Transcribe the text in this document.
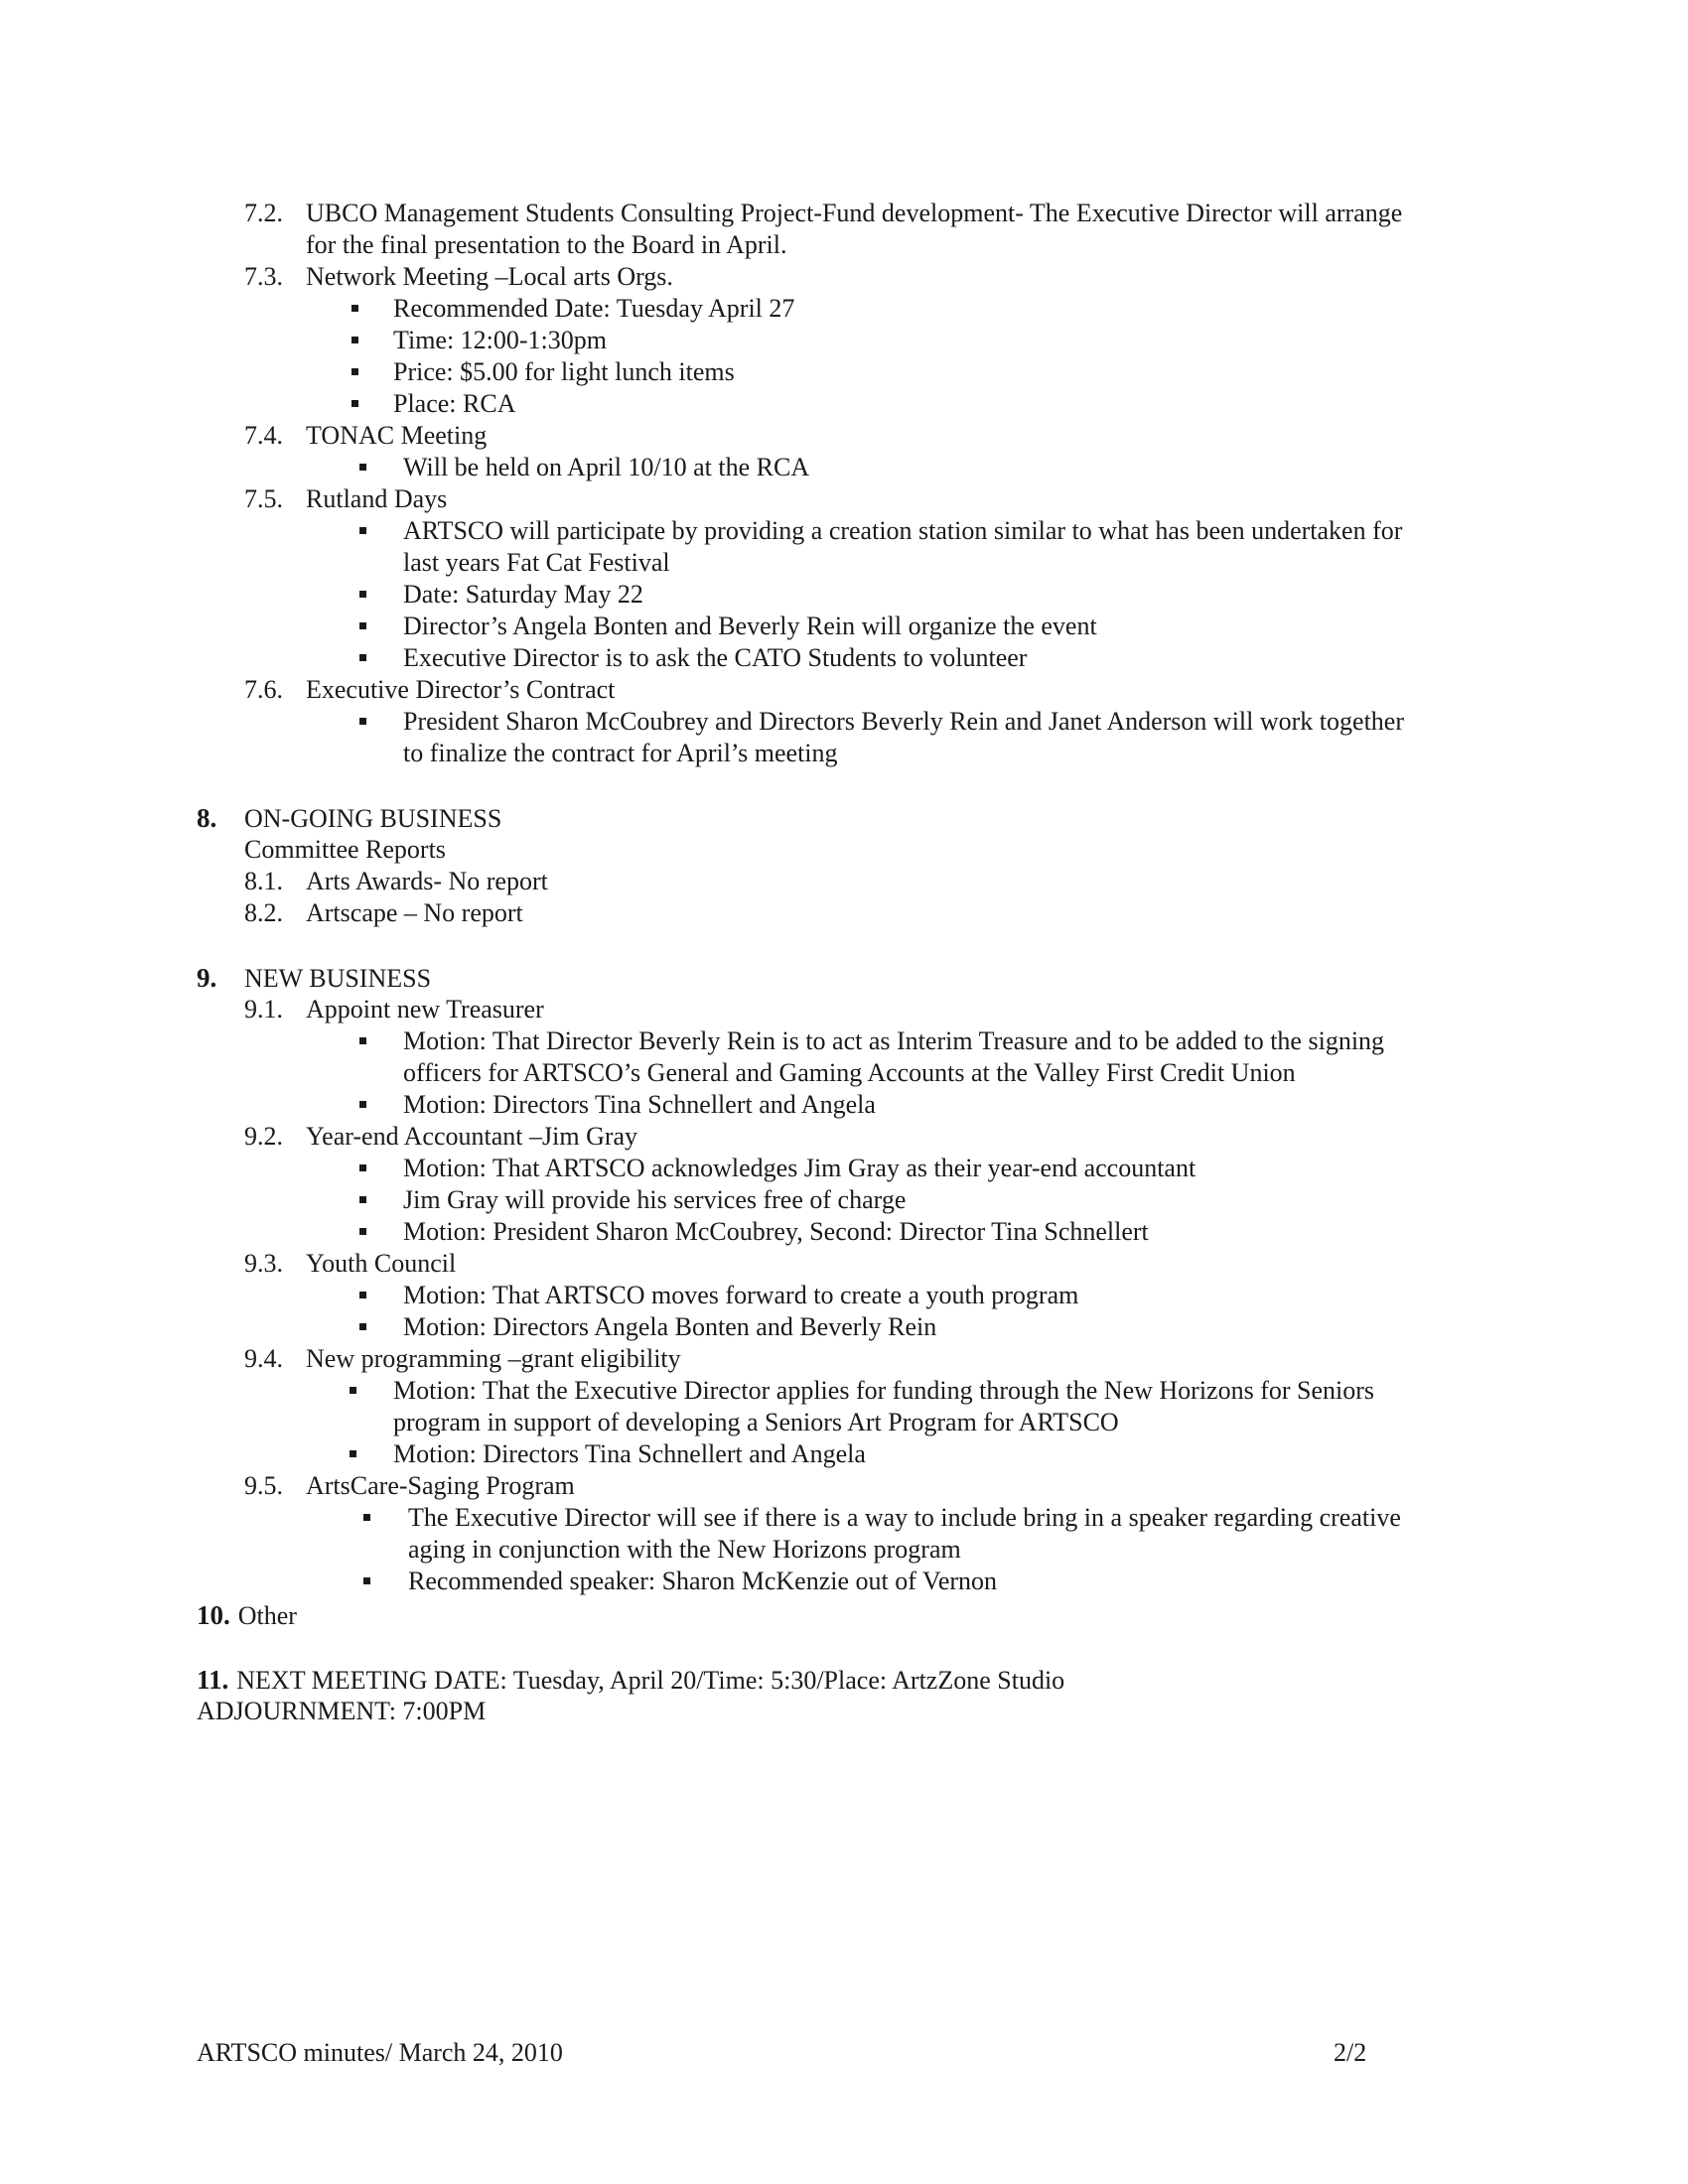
7.2. UBCO Management Students Consulting Project-Fund development- The Executive Director will arrange
for the final presentation to the Board in April.
7.3. Network Meeting –Local arts Orgs.
Recommended Date: Tuesday April 27
Time: 12:00-1:30pm
Price: $5.00 for light lunch items
Place: RCA
7.4. TONAC Meeting
Will be held on April 10/10 at the RCA
7.5. Rutland Days
ARTSCO will participate by providing a creation station similar to what has been undertaken for
last years Fat Cat Festival
Date: Saturday May 22
Director’s Angela Bonten and Beverly Rein will organize the event
Executive Director is to ask the CATO Students to volunteer
7.6. Executive Director’s Contract
President Sharon McCoubrey and Directors Beverly Rein and Janet Anderson will work together
to finalize the contract for April’s meeting
8. ON-GOING BUSINESS
Committee Reports
8.1. Arts Awards- No report
8.2. Artscape – No report
9. NEW BUSINESS
9.1. Appoint new Treasurer
Motion: That Director Beverly Rein is to act as Interim Treasure and to be added to the signing
officers for ARTSCO’s General and Gaming Accounts at the Valley First Credit Union
Motion: Directors Tina Schnellert and Angela
9.2. Year-end Accountant –Jim Gray
Motion: That ARTSCO acknowledges Jim Gray as their year-end accountant
Jim Gray will provide his services free of charge
Motion: President Sharon McCoubrey, Second: Director Tina Schnellert
9.3. Youth Council
Motion: That ARTSCO moves forward to create a youth program
Motion: Directors Angela Bonten and Beverly Rein
9.4. New programming –grant eligibility
Motion: That the Executive Director applies for funding through the New Horizons for Seniors
program in support of developing a Seniors Art Program for ARTSCO
Motion: Directors Tina Schnellert and Angela
9.5. ArtsCare-Saging Program
The Executive Director will see if there is a way to include bring in a speaker regarding creative
aging in conjunction with the New Horizons program
Recommended speaker: Sharon McKenzie out of Vernon
10. Other
11. NEXT MEETING DATE: Tuesday, April 20/Time: 5:30/Place: ArtzZone Studio
ADJOURNMENT: 7:00PM
ARTSCO minutes/ March 24, 2010	2/2
